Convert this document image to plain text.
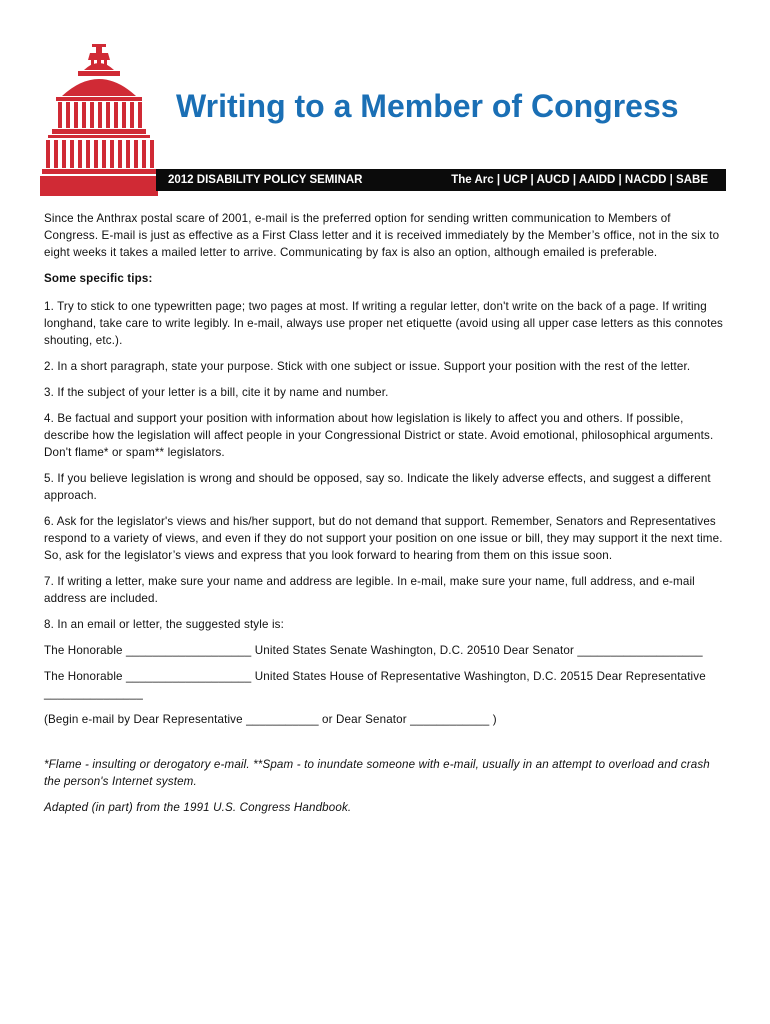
Writing to a Member of Congress
2012 DISABILITY POLICY SEMINAR	The Arc | UCP | AUCD | AAIDD | NACDD | SABE

Since the Anthrax postal scare of 2001, e-mail is the preferred option for sending written communication to Members of Congress. E-mail is just as effective as a First Class letter and it is received immediately by the Member’s office, not in the six to eight weeks it takes a mailed letter to arrive. Communicating by fax is also an option, although emailed is preferable.

Some specific tips:

1. Try to stick to one typewritten page; two pages at most. If writing a regular letter, don't write on the back of a page. If writing longhand, take care to write legibly. In e-mail, always use proper net etiquette (avoid using all upper case letters as this connotes shouting, etc.).

2. In a short paragraph, state your purpose. Stick with one subject or issue. Support your position with the rest of the letter.

3. If the subject of your letter is a bill, cite it by name and number.

4. Be factual and support your position with information about how legislation is likely to affect you and others. If possible, describe how the legislation will affect people in your Congressional District or state. Avoid emotional, philosophical arguments. Don't flame* or spam** legislators.

5. If you believe legislation is wrong and should be opposed, say so. Indicate the likely adverse effects, and suggest a different approach.

6. Ask for the legislator's views and his/her support, but do not demand that support. Remember, Senators and Representatives respond to a variety of views, and even if they do not support your position on one issue or bill, they may support it the next time. So, ask for the legislator’s views and express that you look forward to hearing from them on this issue soon.

7. If writing a letter, make sure your name and address are legible. In e-mail, make sure your name, full address, and e-mail address are included.

8. In an email or letter, the suggested style is:

The Honorable ___________________ United States Senate Washington, D.C. 20510 Dear Senator ___________________

The Honorable ___________________ United States House of Representative Washington, D.C. 20515 Dear Representative _______________

(Begin e-mail by Dear Representative ___________ or Dear Senator ____________ )

*Flame - insulting or derogatory e-mail. **Spam - to inundate someone with e-mail, usually in an attempt to overload and crash the person's Internet system.

Adapted (in part) from the 1991 U.S. Congress Handbook.
